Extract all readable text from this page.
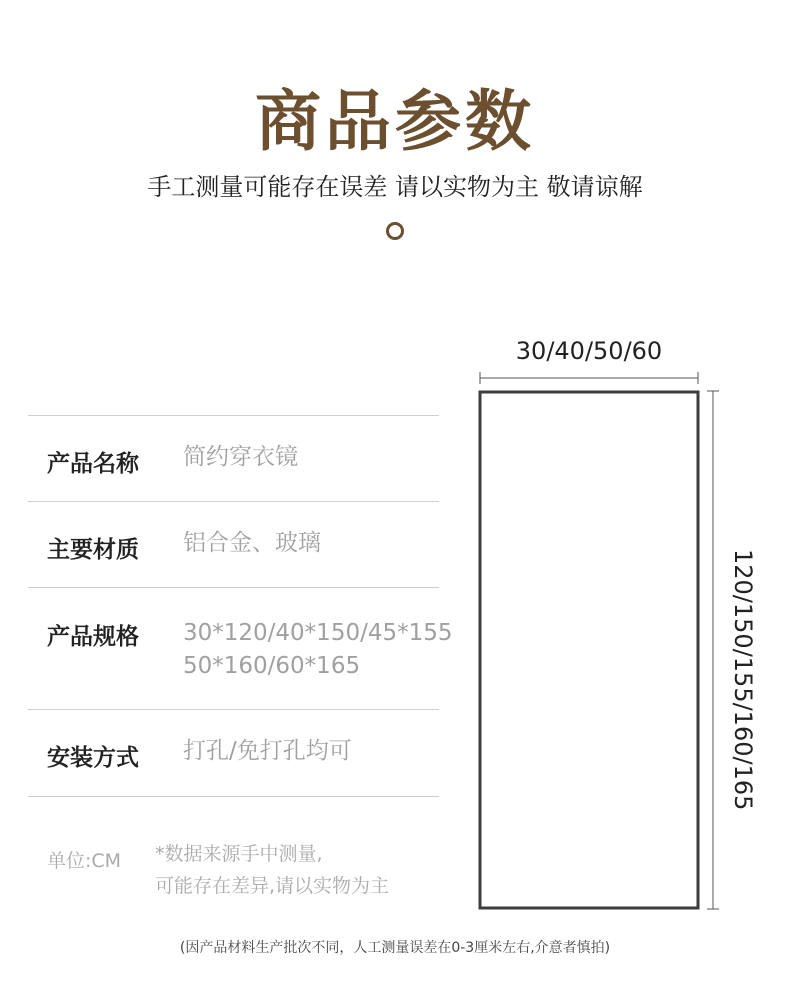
商品参数
手工测量可能存在误差 请以实物为主 敬请谅解
产品名称 简约穿衣镜
主要材质 铝合金、玻璃
产品规格 30*120/40*150/45*155
50*160/60*165
安装方式 打孔/免打孔均可
单位:CM *数据来源手中测量,
可能存在差异,请以实物为主
30/40/50/60
120/150/155/160/165
(因产品材料生产批次不同，人工测量误差在0-3厘米左右,介意者慎拍)
